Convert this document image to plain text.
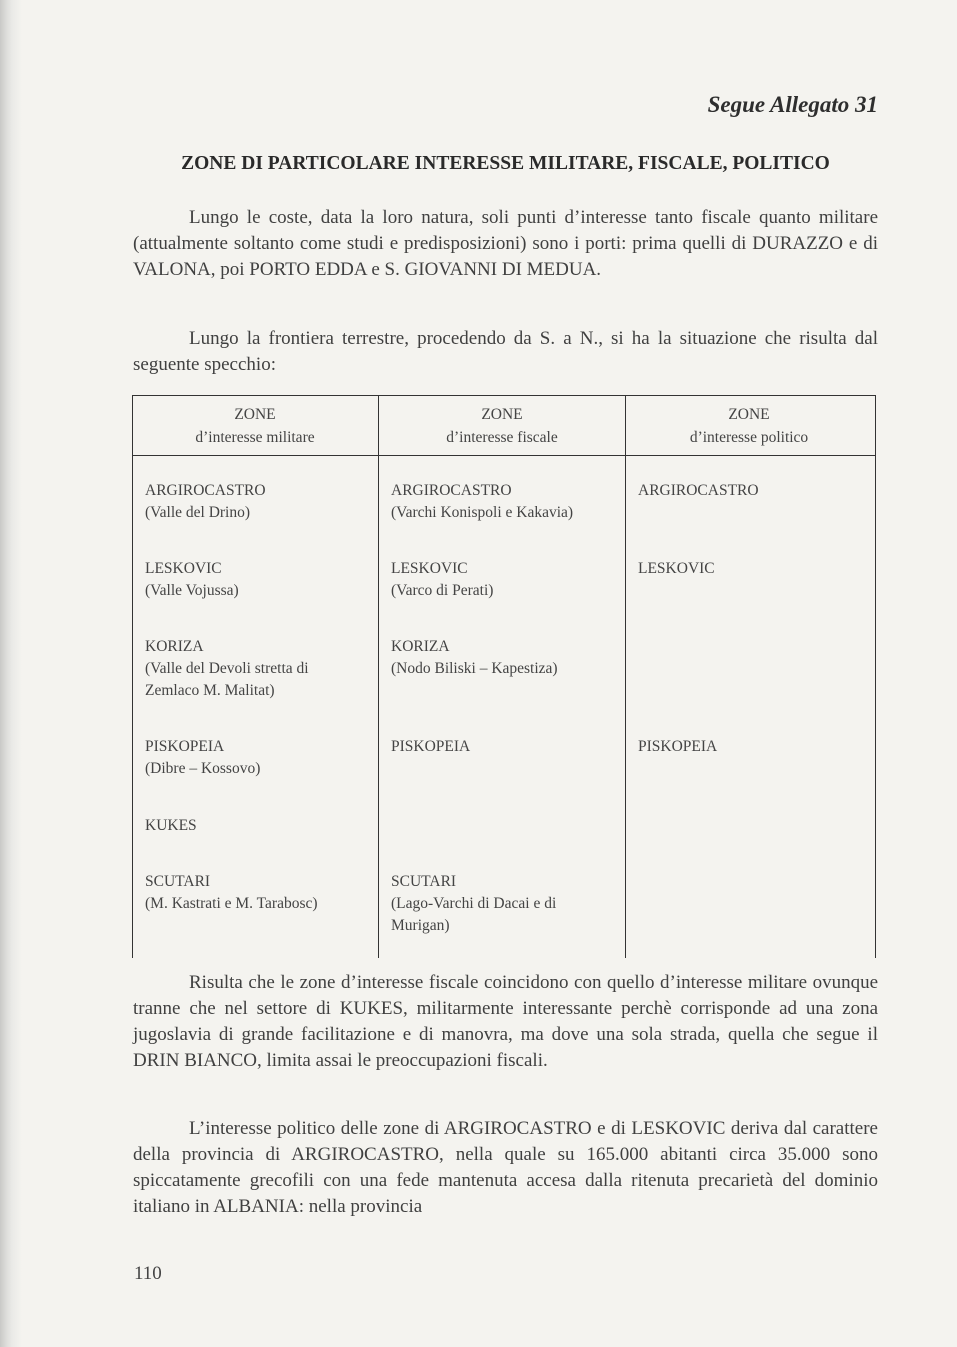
Segue Allegato 31
ZONE DI PARTICOLARE INTERESSE MILITARE, FISCALE, POLITICO

Lungo le coste, data la loro natura, soli punti d’interesse tanto fiscale quanto militare (attualmente soltanto come studi e predisposizioni) sono i porti: prima quelli di DURAZZO e di VALONA, poi PORTO EDDA e S. GIOVANNI DI MEDUA.

Lungo la frontiera terrestre, procedendo da S. a N., si ha la situazione che risulta dal seguente specchio:

ZONE
d’interesse militare
ZONE
d’interesse fiscale
ZONE
d’interesse politico
ARGIROCASTRO
(Valle del Drino)
ARGIROCASTRO
(Varchi Konispoli e Kakavia)
ARGIROCASTRO
LESKOVIC
(Valle Vojussa)
LESKOVIC
(Varco di Perati)
LESKOVIC
KORIZA
(Valle del Devoli stretta di
Zemlaco M. Malitat)
KORIZA
(Nodo Biliski – Kapestiza)
PISKOPEIA
(Dibre – Kossovo)
PISKOPEIA	PISKOPEIA
KUKES
SCUTARI
(M. Kastrati e M. Tarabosc)
SCUTARI
(Lago-Varchi di Dacai e di
Murigan)

Risulta che le zone d’interesse fiscale coincidono con quello d’interesse militare ovunque tranne che nel settore di KUKES, militarmente interessante perchè corrisponde ad una zona jugoslavia di grande facilitazione e di manovra, ma dove una sola strada, quella che segue il DRIN BIANCO, limita assai le preoccupazioni fiscali.

L’interesse politico delle zone di ARGIROCASTRO e di LESKOVIC deriva dal carattere della provincia di ARGIROCASTRO, nella quale su 165.000 abitanti circa 35.000 sono spiccatamente grecofili con una fede mantenuta accesa dalla ritenuta precarietà del dominio italiano in ALBANIA: nella provincia

110
